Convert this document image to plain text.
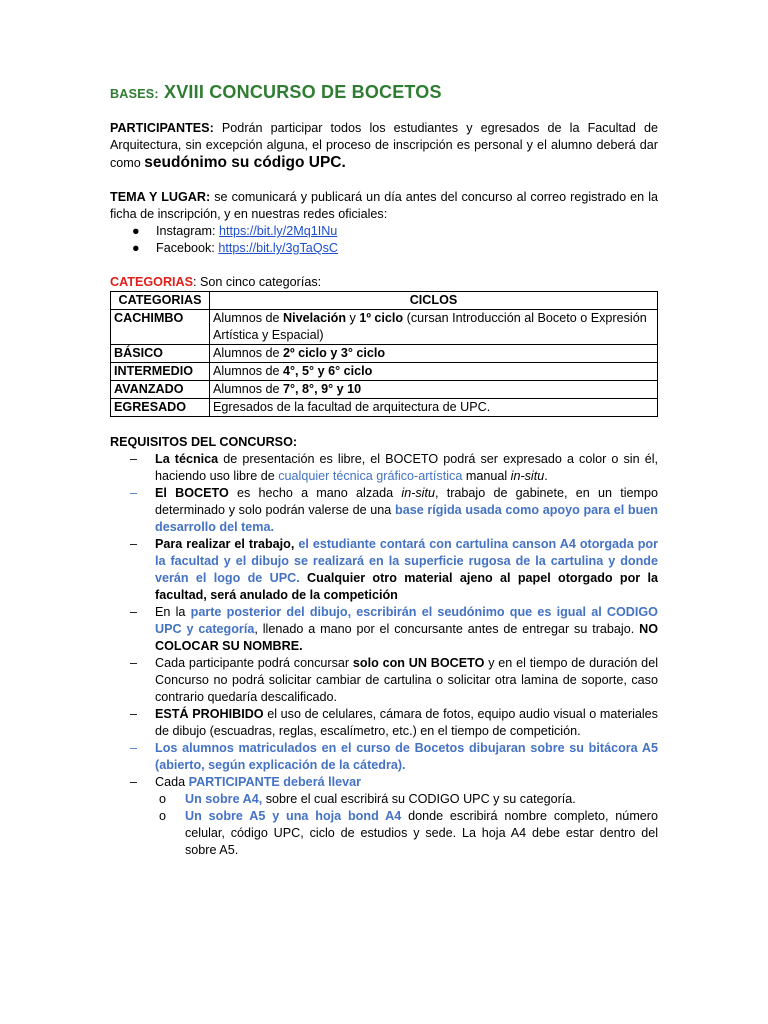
BASES: XVIII CONCURSO DE BOCETOS

PARTICIPANTES: Podrán participar todos los estudiantes y egresados de la Facultad de Arquitectura, sin excepción alguna, el proceso de inscripción es personal y el alumno deberá dar como seudónimo su código UPC.

TEMA Y LUGAR: se comunicará y publicará un día antes del concurso al correo registrado en la ficha de inscripción, y en nuestras redes oficiales:

● Instagram: https://bit.ly/2Mq1INu
● Facebook: https://bit.ly/3gTaQsC

CATEGORIAS: Son cinco categorías:

CATEGORIAS	CICLOS
CACHIMBO	Alumnos de Nivelación y 1º ciclo (cursan Introducción al Boceto o Expresión Artística y Espacial)
BÁSICO	Alumnos de 2º ciclo y 3° ciclo
INTERMEDIO	Alumnos de 4°, 5° y 6° ciclo
AVANZADO	Alumnos de 7°, 8°, 9° y 10
EGRESADO	Egresados de la facultad de arquitectura de UPC.

REQUISITOS DEL CONCURSO:

– La técnica de presentación es libre, el BOCETO podrá ser expresado a color o sin él, haciendo uso libre de cualquier técnica gráfico-artística manual in-situ.
– El BOCETO es hecho a mano alzada in-situ, trabajo de gabinete, en un tiempo determinado y solo podrán valerse de una base rígida usada como apoyo para el buen desarrollo del tema.
– Para realizar el trabajo, el estudiante contará con cartulina canson A4 otorgada por la facultad y el dibujo se realizará en la superficie rugosa de la cartulina y donde verán el logo de UPC. Cualquier otro material ajeno al papel otorgado por la facultad, será anulado de la competición
– En la parte posterior del dibujo, escribirán el seudónimo que es igual al CODIGO UPC y categoría, llenado a mano por el concursante antes de entregar su trabajo. NO COLOCAR SU NOMBRE.
– Cada participante podrá concursar solo con UN BOCETO y en el tiempo de duración del Concurso no podrá solicitar cambiar de cartulina o solicitar otra lamina de soporte, caso contrario quedaría descalificado.
– ESTÁ PROHIBIDO el uso de celulares, cámara de fotos, equipo audio visual o materiales de dibujo (escuadras, reglas, escalímetro, etc.) en el tiempo de competición.
– Los alumnos matriculados en el curso de Bocetos dibujaran sobre su bitácora A5 (abierto, según explicación de la cátedra).
– Cada PARTICIPANTE deberá llevar
o Un sobre A4, sobre el cual escribirá su CODIGO UPC y su categoría.
o Un sobre A5 y una hoja bond A4 donde escribirá nombre completo, número celular, código UPC, ciclo de estudios y sede. La hoja A4 debe estar dentro del sobre A5.
